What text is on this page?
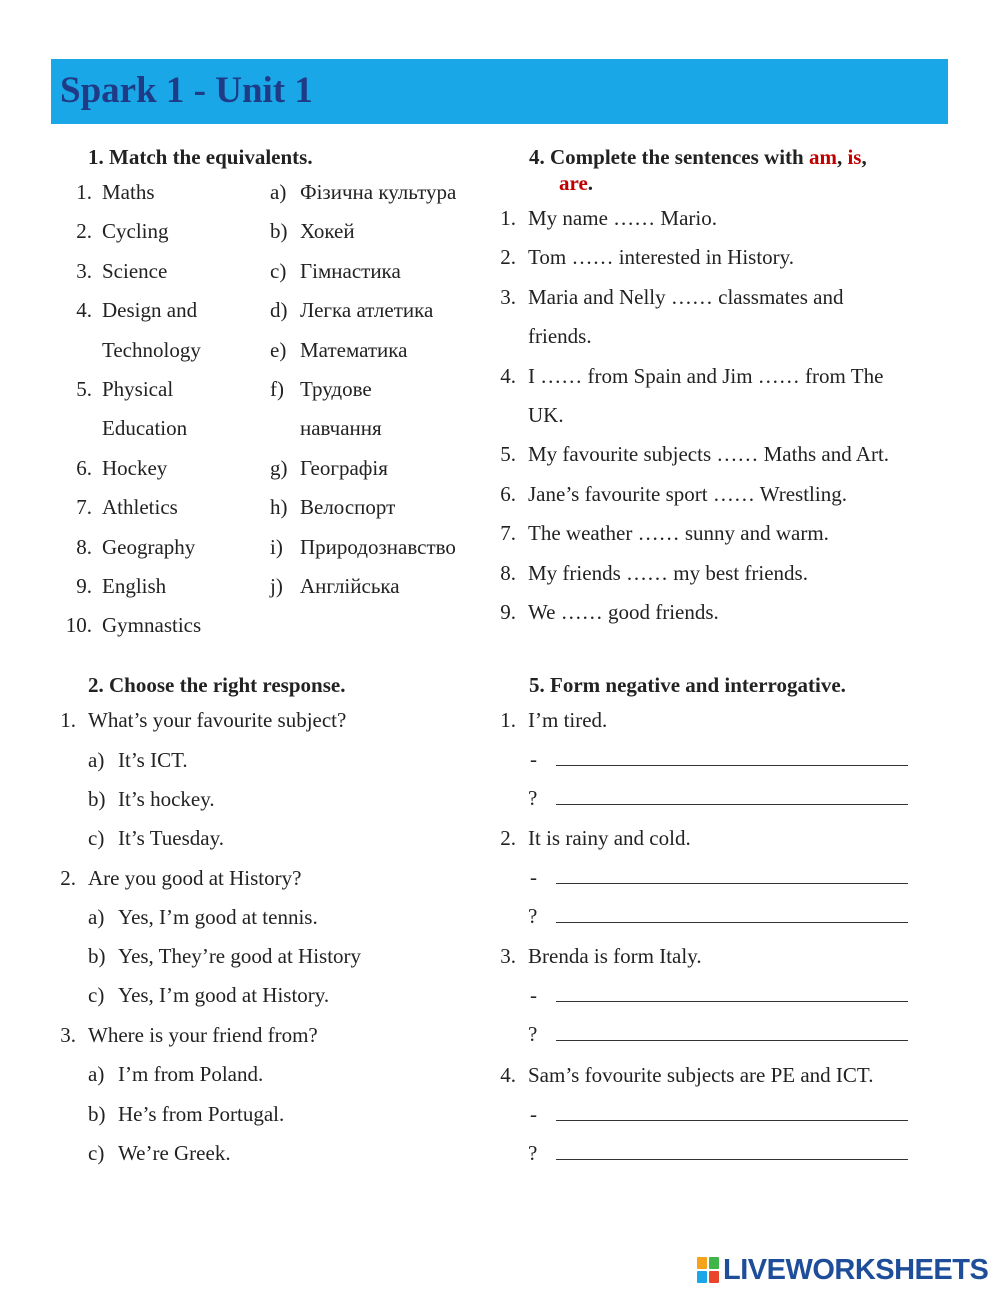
Spark 1 - Unit 1
1. Match the equivalents.
1. Maths
2. Cycling
3. Science
4. Design and
Technology
5. Physical
Education
6. Hockey
7. Athletics
8. Geography
9. English
10. Gymnastics
a) Фізична культура
b) Хокей
c) Гімнастика
d) Легка атлетика
e) Математика
f) Трудове
навчання
g) Географія
h) Велоспорт
i) Природознавство
j) Англійська
4. Complete the sentences with am, is,
are.
1. My name …… Mario.
2. Tom …… interested in History.
3. Maria and Nelly …… classmates and
friends.
4. I …… from Spain and Jim …… from The
UK.
5. My favourite subjects …… Maths and Art.
6. Jane’s favourite sport …… Wrestling.
7. The weather …… sunny and warm.
8. My friends …… my best friends.
9. We …… good friends.
2. Choose the right response.
1. What’s your favourite subject?
a) It’s ICT.
b) It’s hockey.
c) It’s Tuesday.
2. Are you good at History?
a) Yes, I’m good at tennis.
b) Yes, They’re good at History
c) Yes, I’m good at History.
3. Where is your friend from?
a) I’m from Poland.
b) He’s from Portugal.
c) We’re Greek.
5. Form negative and interrogative.
1. I’m tired.
-
?
2. It is rainy and cold.
-
?
3. Brenda is form Italy.
-
?
4. Sam’s fovourite subjects are PE and ICT.
-
?
LIVEWORKSHEETS
